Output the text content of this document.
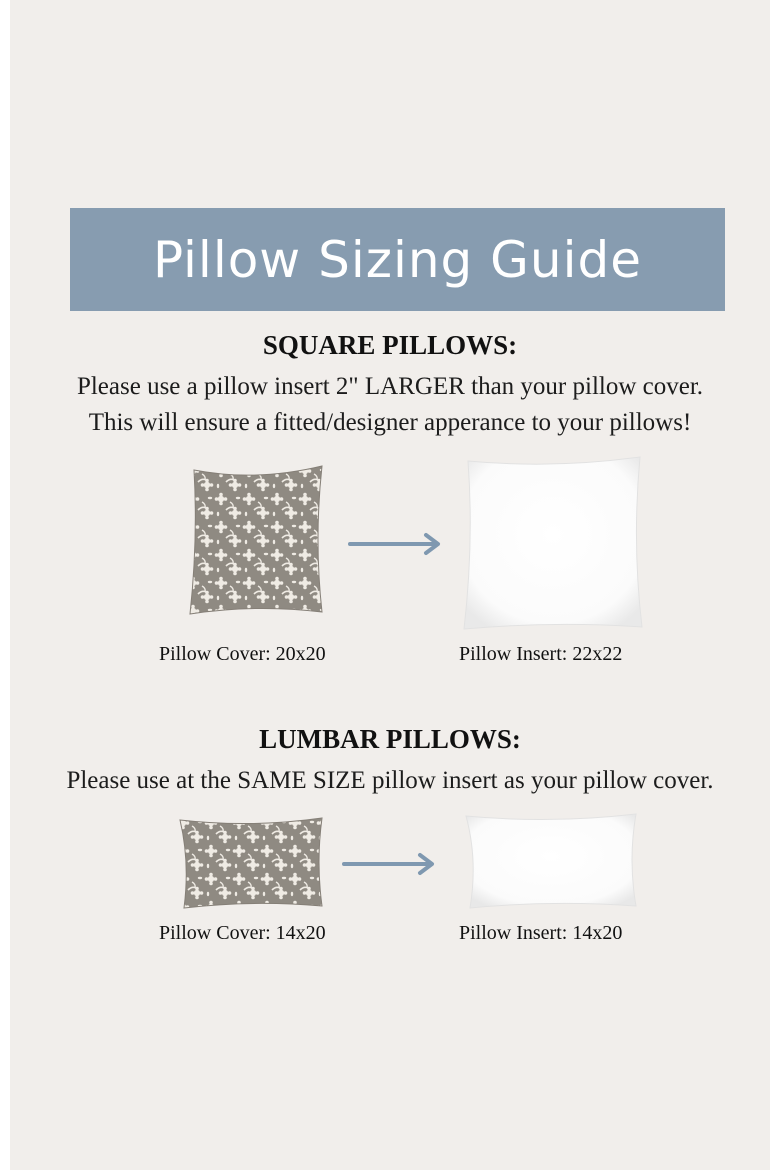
Pillow Sizing Guide
SQUARE PILLOWS:
Please use a pillow insert 2" LARGER than your pillow cover.
This will ensure a fitted/designer apperance to your pillows!
Pillow Cover: 20x20	Pillow Insert: 22x22
LUMBAR PILLOWS:
Please use at the SAME SIZE pillow insert as your pillow cover.
Pillow Cover: 14x20	Pillow Insert: 14x20
